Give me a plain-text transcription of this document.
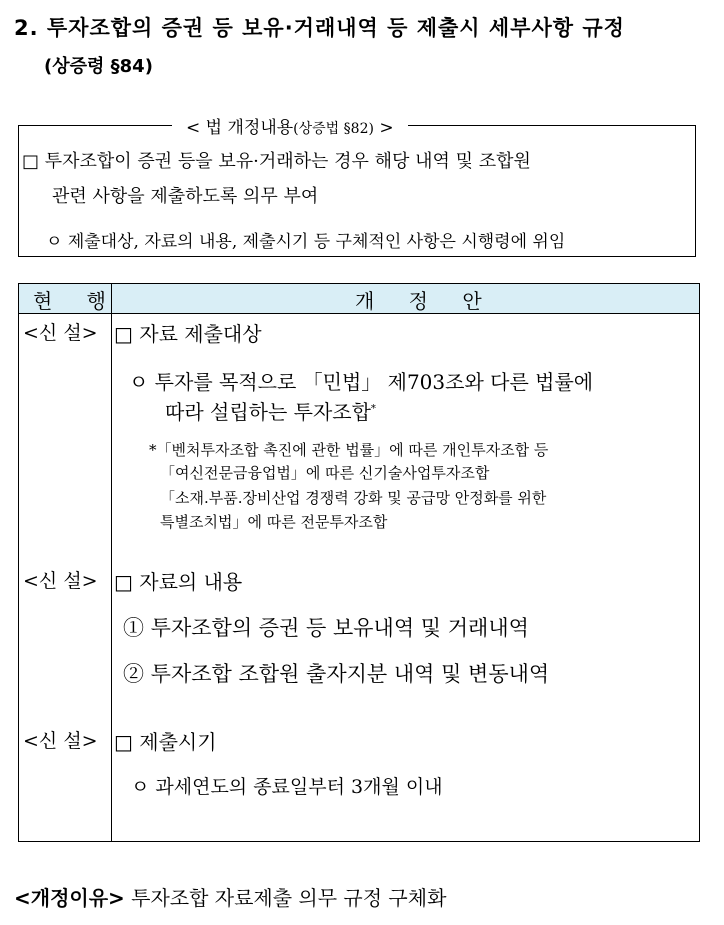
2. 투자조합의 증권 등 보유·거래내역 등 제출시 세부사항 규정
(상증령 §84)
< 법 개정내용(상증법 §82) >
□ 투자조합이 증권 등을 보유·거래하는 경우 해당 내역 및 조합원
관련 사항을 제출하도록 의무 부여
ㅇ 제출대상, 자료의 내용, 제출시기 등 구체적인 사항은 시행령에 위임
현 행	개 정 안
<신 설> □ 자료 제출대상
ㅇ 투자를 목적으로 「민법」 제703조와 다른 법률에
따라 설립하는 투자조합*
*「벤처투자조합 촉진에 관한 법률」에 따른 개인투자조합 등
「여신전문금융업법」에 따른 신기술사업투자조합
「소재.부품.장비산업 경쟁력 강화 및 공급망 안정화를 위한
특별조치법」에 따른 전문투자조합
<신 설> □ 자료의 내용
① 투자조합의 증권 등 보유내역 및 거래내역
② 투자조합 조합원 출자지분 내역 및 변동내역
<신 설> □ 제출시기
ㅇ 과세연도의 종료일부터 3개월 이내
<개정이유> 투자조합 자료제출 의무 규정 구체화
